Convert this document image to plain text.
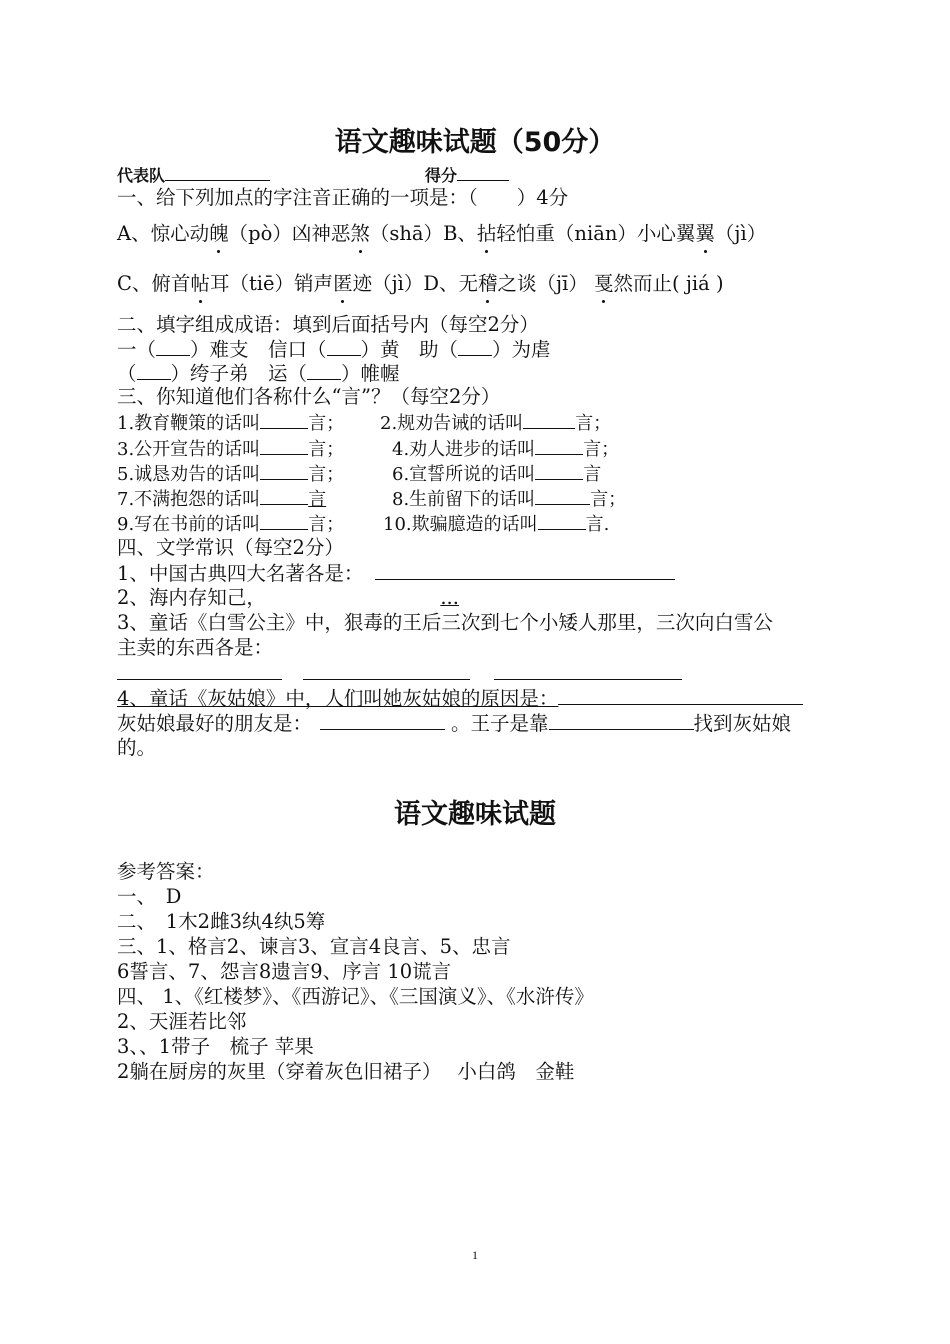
语文趣味试题（50分）
代表队	得分
一、给下列加点的字注音正确的一项是：（　　）4分
A、惊心动魄（pò）凶神恶煞（shā）B、拈轻怕重（niān）小心翼翼（jì）
C、俯首帖耳（tiē）销声匿迹（jì）D、无稽之谈（jī） 戛然而止( jiá )
二、填字组成成语：填到后面括号内（每空2分）
一（ ）难支　信口（ ）黄　助（ ）为虐
（ ）绔子弟　运（ ）帷幄
三、你知道他们各称什么“言”？（每空2分）
1.教育鞭策的话叫	言； 2.规劝告诫的话叫	言；
3.公开宣告的话叫	言；	4.劝人进步的话叫	言；
5.诚恳劝告的话叫	言；	6.宣誓所说的话叫	言
7.不满抱怨的话叫	言	8.生前留下的话叫	言；
9.写在书前的话叫	言； 10.欺骗臆造的话叫	言.
四、文学常识（每空2分）
1、中国古典四大名著各是：
2、海内存知己，	...
3、童话《白雪公主》中，狠毒的王后三次到七个小矮人那里，三次向白雪公
主卖的东西各是：
4、童话《灰姑娘》中，人们叫她灰姑娘的原因是：
灰姑娘最好的朋友是：	。王子是靠	找到灰姑娘
的。
语文趣味试题
参考答案：
一、　D
二、　1木2雌3纨4纨5筹
三、1、格言2、谏言3、宣言4良言、5、忠言
6誓言、7、怨言8遗言9、序言 10谎言
四、 1、《红楼梦》、《西游记》、《三国演义》、《水浒传》
2、天涯若比邻
3、、1带子　梳子 苹果
2躺在厨房的灰里（穿着灰色旧裙子）　 小白鸽　金鞋
1
